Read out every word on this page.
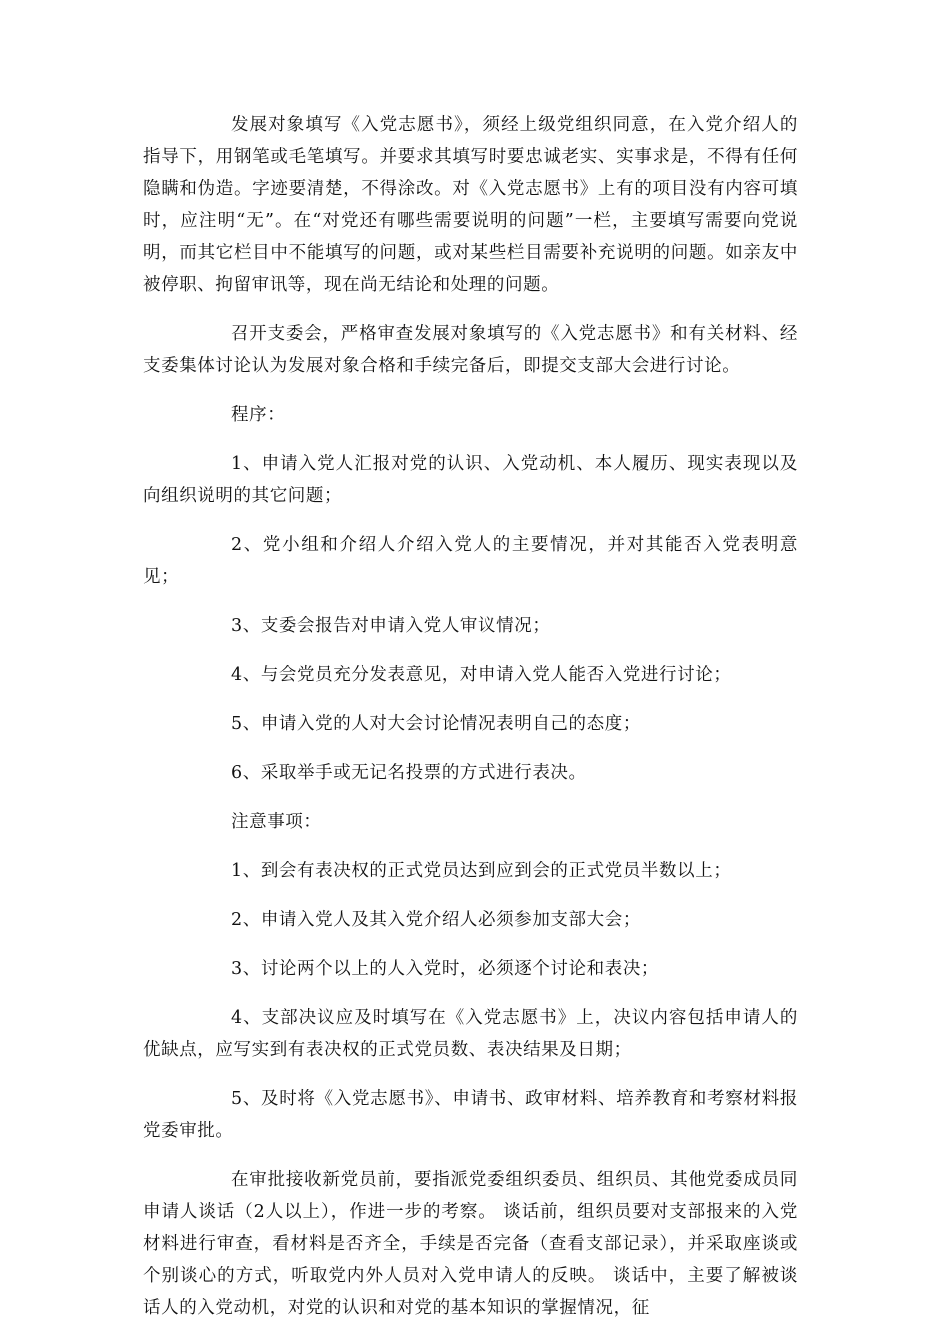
发展对象填写《入党志愿书》，须经上级党组织同意，在入党介绍人的指导下，用钢笔或毛笔填写。并要求其填写时要忠诚老实、实事求是，不得有任何隐瞒和伪造。字迹要清楚，不得涂改。对《入党志愿书》上有的项目没有内容可填时，应注明“无”。在“对党还有哪些需要说明的问题”一栏，主要填写需要向党说明，而其它栏目中不能填写的问题，或对某些栏目需要补充说明的问题。如亲友中被停职、拘留审讯等，现在尚无结论和处理的问题。

召开支委会，严格审查发展对象填写的《入党志愿书》和有关材料、经支委集体讨论认为发展对象合格和手续完备后，即提交支部大会进行讨论。

程序：

1、申请入党人汇报对党的认识、入党动机、本人履历、现实表现以及向组织说明的其它问题；

2、党小组和介绍人介绍入党人的主要情况，并对其能否入党表明意见；

3、支委会报告对申请入党人审议情况；

4、与会党员充分发表意见，对申请入党人能否入党进行讨论；

5、申请入党的人对大会讨论情况表明自己的态度；

6、采取举手或无记名投票的方式进行表决。

注意事项：

1、到会有表决权的正式党员达到应到会的正式党员半数以上；

2、申请入党人及其入党介绍人必须参加支部大会；

3、讨论两个以上的人入党时，必须逐个讨论和表决；

4、支部决议应及时填写在《入党志愿书》上，决议内容包括申请人的优缺点，应写实到有表决权的正式党员数、表决结果及日期；

5、及时将《入党志愿书》、申请书、政审材料、培养教育和考察材料报党委审批。

在审批接收新党员前，要指派党委组织委员、组织员、其他党委成员同申请人谈话（2人以上），作进一步的考察。 谈话前，组织员要对支部报来的入党材料进行审查，看材料是否齐全，手续是否完备（查看支部记录），并采取座谈或个别谈心的方式，听取党内外人员对入党申请人的反映。 谈话中，主要了解被谈话人的入党动机，对党的认识和对党的基本知识的掌握情况，征
